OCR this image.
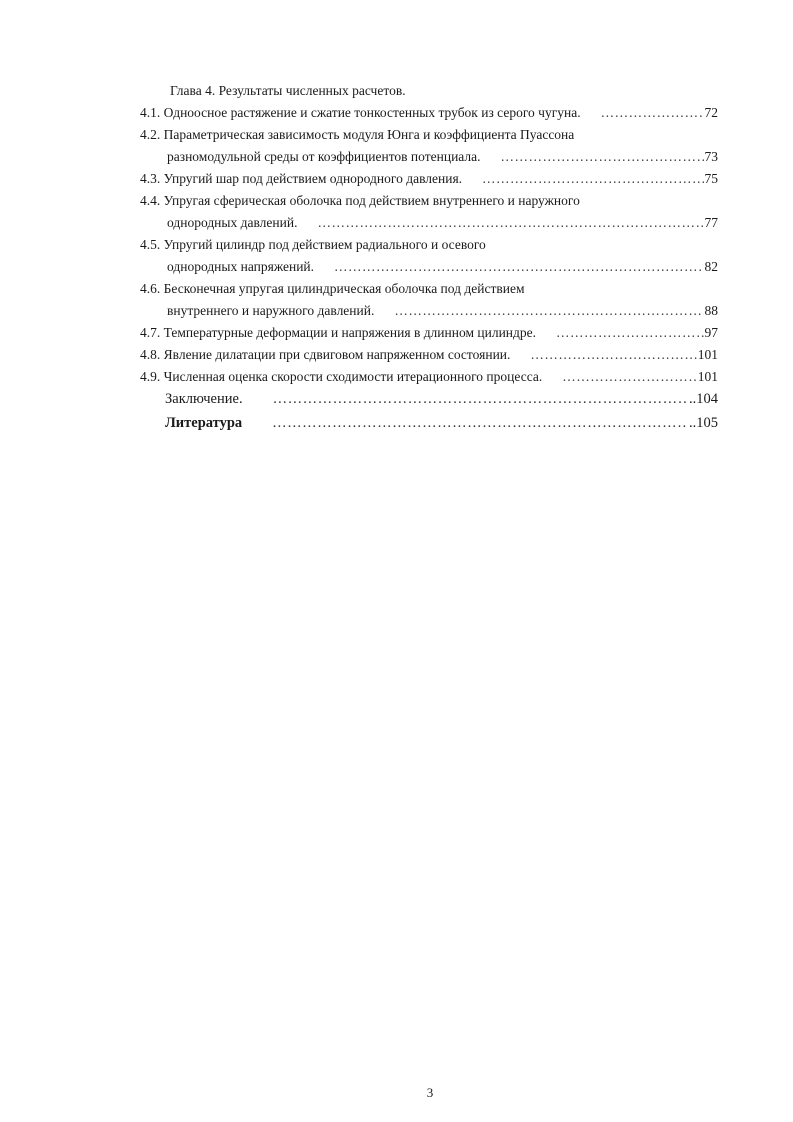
Глава 4.
Результаты численных расчетов.
4.1. Одноосное растяжение и сжатие тонкостенных трубок из серого чугуна. ………………………………………………………………………………………………………………………………………………	72
4.2. Параметрическая зависимость модуля Юнга и коэффициента Пуассона
разномодульной среды от коэффициентов потенциала. ………………………………………………………………………………………………………………………………………………	73
4.3. Упругий шар под действием однородного давления. ………………………………………………………………………………………………………………………………………………	75
4.4. Упругая сферическая оболочка под действием внутреннего и наружного
однородных давлений. ………………………………………………………………………………………………………………………………………………	77
4.5. Упругий цилиндр под действием радиального и осевого
однородных напряжений. ………………………………………………………………………………………………………………………………………………	82
4.6. Бесконечная упругая цилиндрическая оболочка под действием
внутреннего и наружного давлений. ………………………………………………………………………………………………………………………………………………	88
4.7. Температурные деформации и напряжения в длинном цилиндре. ………………………………………………………………………………………………………………………………………………	97
4.8. Явление дилатации при сдвиговом напряженном состоянии. ………………………………………………………………………………………………………………………………………………	101
4.9. Численная оценка скорости сходимости итерационного процесса. ………………………………………………………………………………………………………………………………………………	101
Заключение. ………………………………………………………………………………………………………………………………………………	..104
Литература ………………………………………………………………………………………………………………………………………………	..105
3
